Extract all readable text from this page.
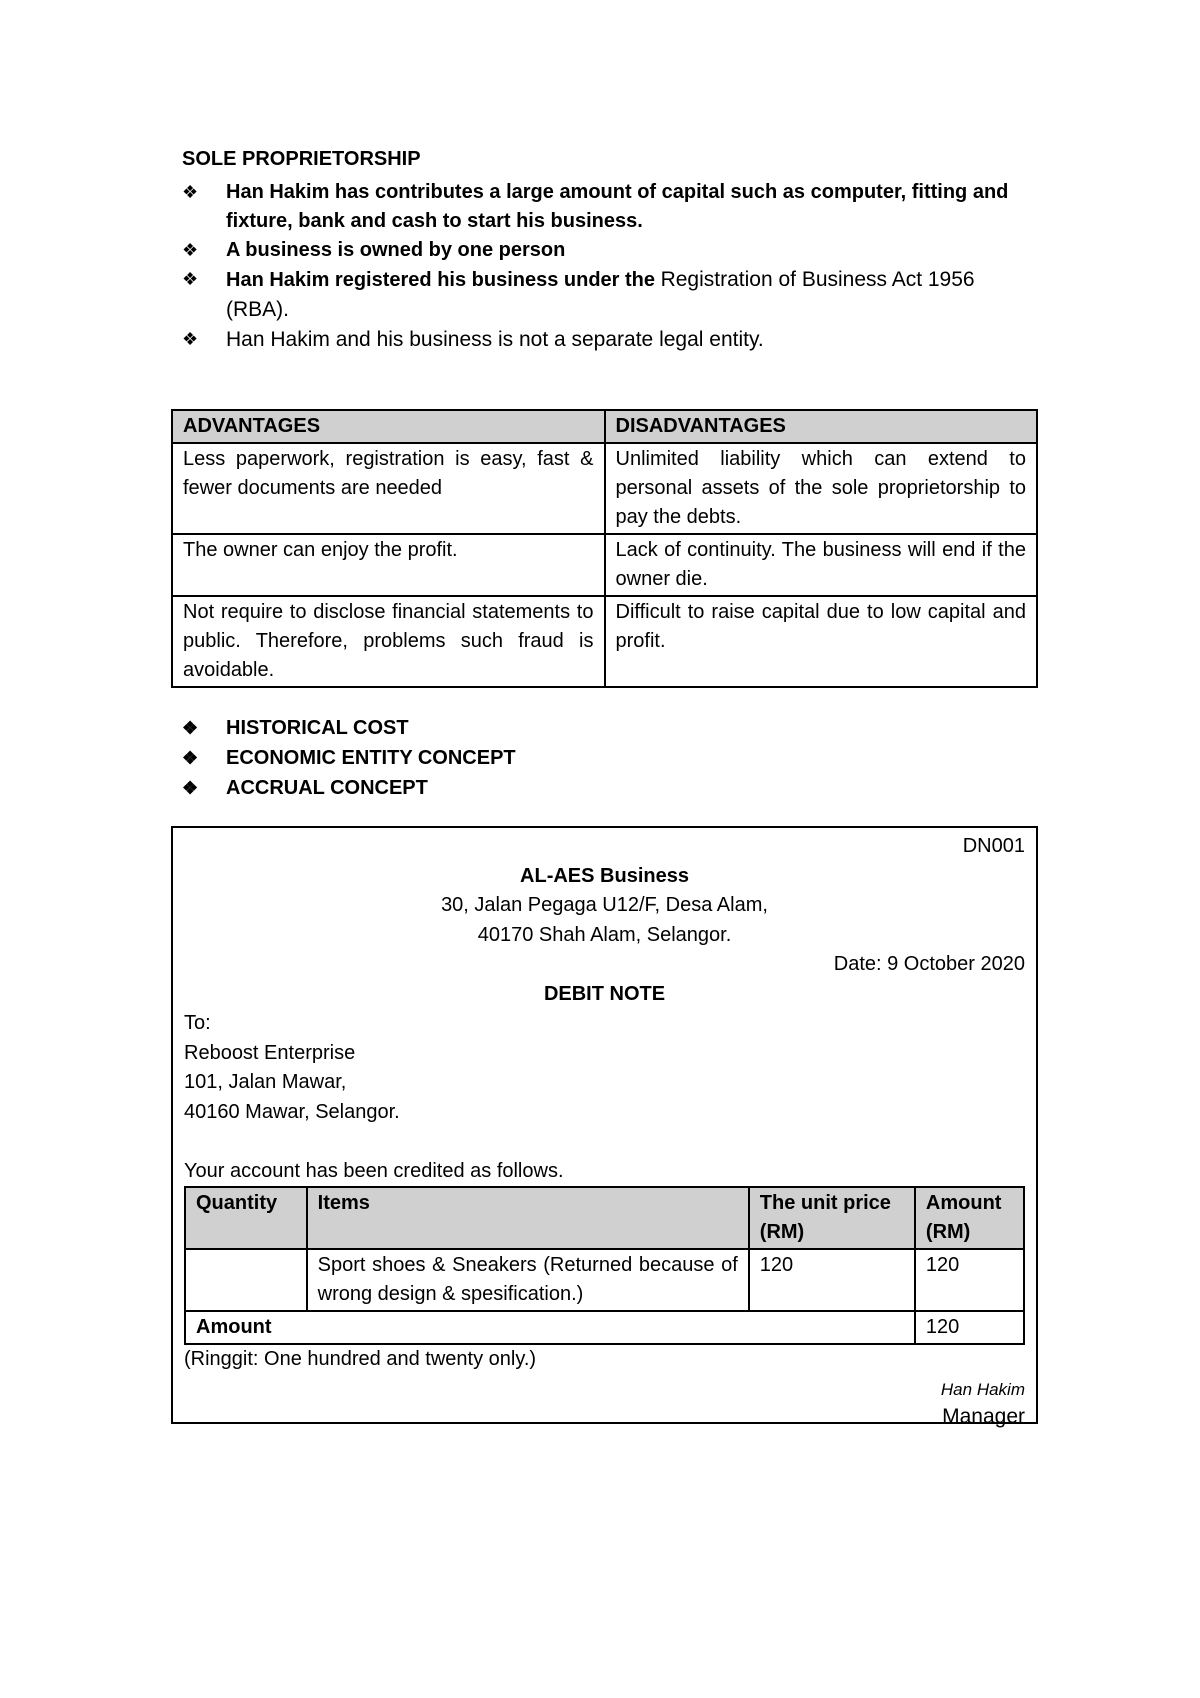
SOLE PROPRIETORSHIP
❖ Han Hakim has contributes a large amount of capital such as computer, fitting and fixture, bank and cash to start his business.
❖ A business is owned by one person
❖ Han Hakim registered his business under the Registration of Business Act 1956 (RBA).
❖ Han Hakim and his business is not a separate legal entity.
ADVANTAGES	DISADVANTAGES
Less paperwork, registration is easy, fast & fewer documents are needed	Unlimited liability which can extend to personal assets of the sole proprietorship to pay the debts.
The owner can enjoy the profit.	Lack of continuity. The business will end if the owner die.
Not require to disclose financial statements to public. Therefore, problems such fraud is avoidable.	Difficult to raise capital due to low capital and profit.
❖ HISTORICAL COST
❖ ECONOMIC ENTITY CONCEPT
❖ ACCRUAL CONCEPT
DN001
AL-AES Business
30, Jalan Pegaga U12/F, Desa Alam,
40170 Shah Alam, Selangor.
Date: 9 October 2020
DEBIT NOTE
To:
Reboost Enterprise
101, Jalan Mawar,
40160 Mawar, Selangor.
Your account has been credited as follows.
Quantity	Items	The unit price (RM)	Amount (RM)
	Sport shoes & Sneakers (Returned because of wrong design & spesification.)	120	120
Amount			120
(Ringgit: One hundred and twenty only.)
Han Hakim
Manager
